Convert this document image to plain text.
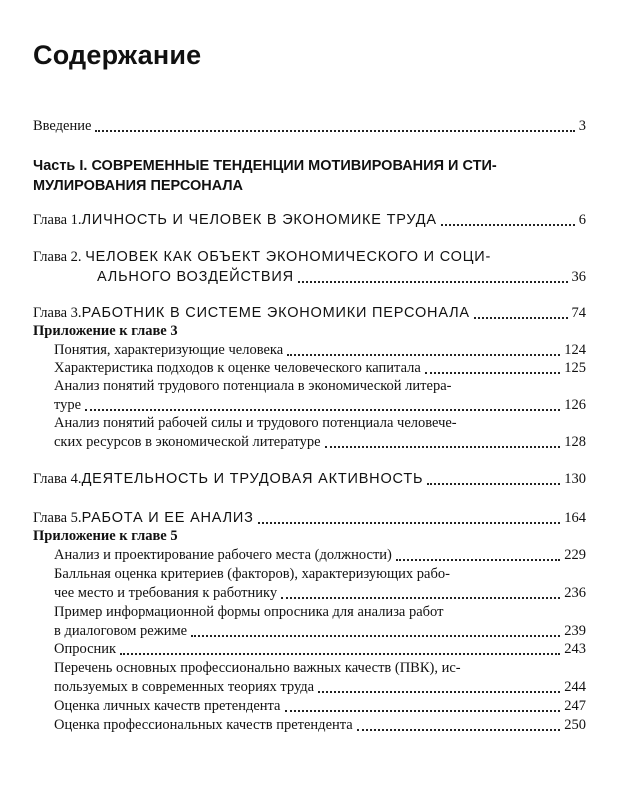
Содержание
Введение	3
Часть I. СОВРЕМЕННЫЕ ТЕНДЕНЦИИ МОТИВИРОВАНИЯ И СТИ-
МУЛИРОВАНИЯ ПЕРСОНАЛА
Глава 1. ЛИЧНОСТЬ И ЧЕЛОВЕК В ЭКОНОМИКЕ ТРУДА	6
Глава 2. ЧЕЛОВЕК КАК ОБЪЕКТ ЭКОНОМИЧЕСКОГО И СОЦИ-
АЛЬНОГО ВОЗДЕЙСТВИЯ	36
Глава 3. РАБОТНИК В СИСТЕМЕ ЭКОНОМИКИ ПЕРСОНАЛА	74
Приложение к главе 3
Понятия, характеризующие человека	124
Характеристика подходов к оценке человеческого капитала	125
Анализ понятий трудового потенциала в экономической литера-
туре	126
Анализ понятий рабочей силы и трудового потенциала человече-
ских ресурсов в экономической литературе	128
Глава 4. ДЕЯТЕЛЬНОСТЬ И ТРУДОВАЯ АКТИВНОСТЬ	130
Глава 5. РАБОТА И ЕЕ АНАЛИЗ	164
Приложение к главе 5
Анализ и проектирование рабочего места (должности)	229
Балльная оценка критериев (факторов), характеризующих рабо-
чее место и требования к работнику	236
Пример информационной формы опросника для анализа работ
в диалоговом режиме	239
Опросник	243
Перечень основных профессионально важных качеств (ПВК), ис-
пользуемых в современных теориях труда	244
Оценка личных качеств претендента	247
Оценка профессиональных качеств претендента	250
